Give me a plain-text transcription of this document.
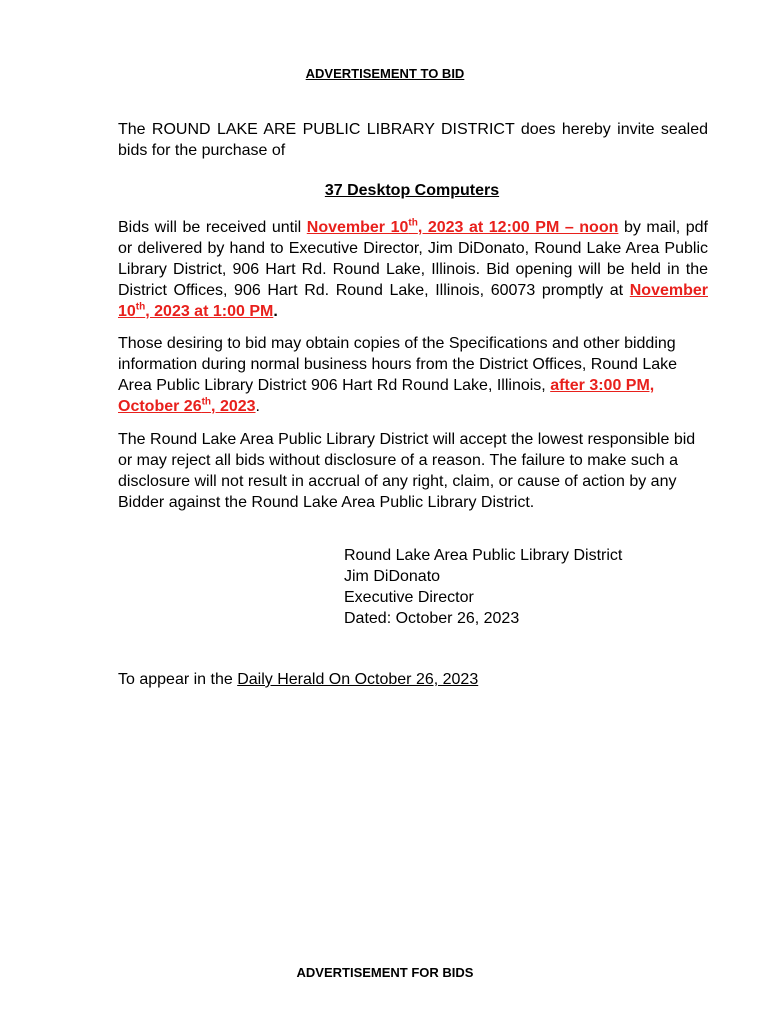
ADVERTISEMENT TO BID

The ROUND LAKE ARE PUBLIC LIBRARY DISTRICT does hereby invite sealed bids for the purchase of

37 Desktop Computers

Bids will be received until November 10th, 2023 at 12:00 PM – noon by mail, pdf or delivered by hand to Executive Director, Jim DiDonato, Round Lake Area Public Library District, 906 Hart Rd. Round Lake, Illinois. Bid opening will be held in the District Offices, 906 Hart Rd. Round Lake, Illinois, 60073 promptly at November 10th, 2023 at 1:00 PM.

Those desiring to bid may obtain copies of the Specifications and other bidding information during normal business hours from the District Offices, Round Lake Area Public Library District 906 Hart Rd Round Lake, Illinois, after 3:00 PM, October 26th, 2023.

The Round Lake Area Public Library District will accept the lowest responsible bid or may reject all bids without disclosure of a reason. The failure to make such a disclosure will not result in accrual of any right, claim, or cause of action by any Bidder against the Round Lake Area Public Library District.

Round Lake Area Public Library District
Jim DiDonato
Executive Director
Dated: October 26, 2023
To appear in the Daily Herald On October 26, 2023
ADVERTISEMENT FOR BIDS
